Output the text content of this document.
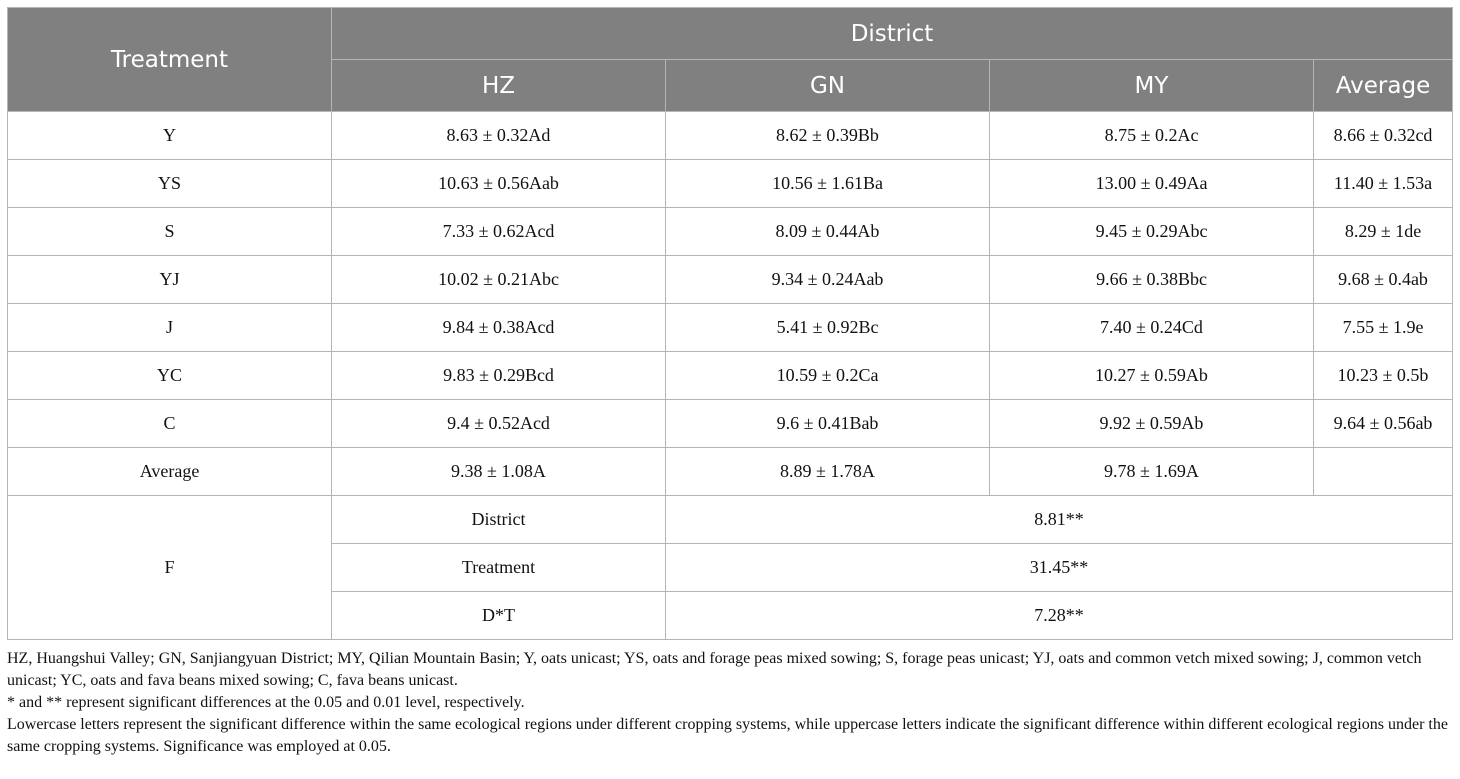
Treatment	District			
	HZ	GN	MY	Average
Y	8.63 ± 0.32Ad	8.62 ± 0.39Bb	8.75 ± 0.2Ac	8.66 ± 0.32cd
YS	10.63 ± 0.56Aab	10.56 ± 1.61Ba	13.00 ± 0.49Aa	11.40 ± 1.53a
S	7.33 ± 0.62Acd	8.09 ± 0.44Ab	9.45 ± 0.29Abc	8.29 ± 1de
YJ	10.02 ± 0.21Abc	9.34 ± 0.24Aab	9.66 ± 0.38Bbc	9.68 ± 0.4ab
J	9.84 ± 0.38Acd	5.41 ± 0.92Bc	7.40 ± 0.24Cd	7.55 ± 1.9e
YC	9.83 ± 0.29Bcd	10.59 ± 0.2Ca	10.27 ± 0.59Ab	10.23 ± 0.5b
C	9.4 ± 0.52Acd	9.6 ± 0.41Bab	9.92 ± 0.59Ab	9.64 ± 0.56ab
Average	9.38 ± 1.08A	8.89 ± 1.78A	9.78 ± 1.69A	
F	District	8.81**		
	Treatment	31.45**		
	D*T	7.28**		

HZ, Huangshui Valley; GN, Sanjiangyuan District; MY, Qilian Mountain Basin; Y, oats unicast; YS, oats and forage peas mixed sowing; S, forage peas unicast; YJ, oats and common vetch mixed sowing; J, common vetch unicast; YC, oats and fava beans mixed sowing; C, fava beans unicast.

* and ** represent significant differences at the 0.05 and 0.01 level, respectively.

Lowercase letters represent the significant difference within the same ecological regions under different cropping systems, while uppercase letters indicate the significant difference within different ecological regions under the same cropping systems. Significance was employed at 0.05.
